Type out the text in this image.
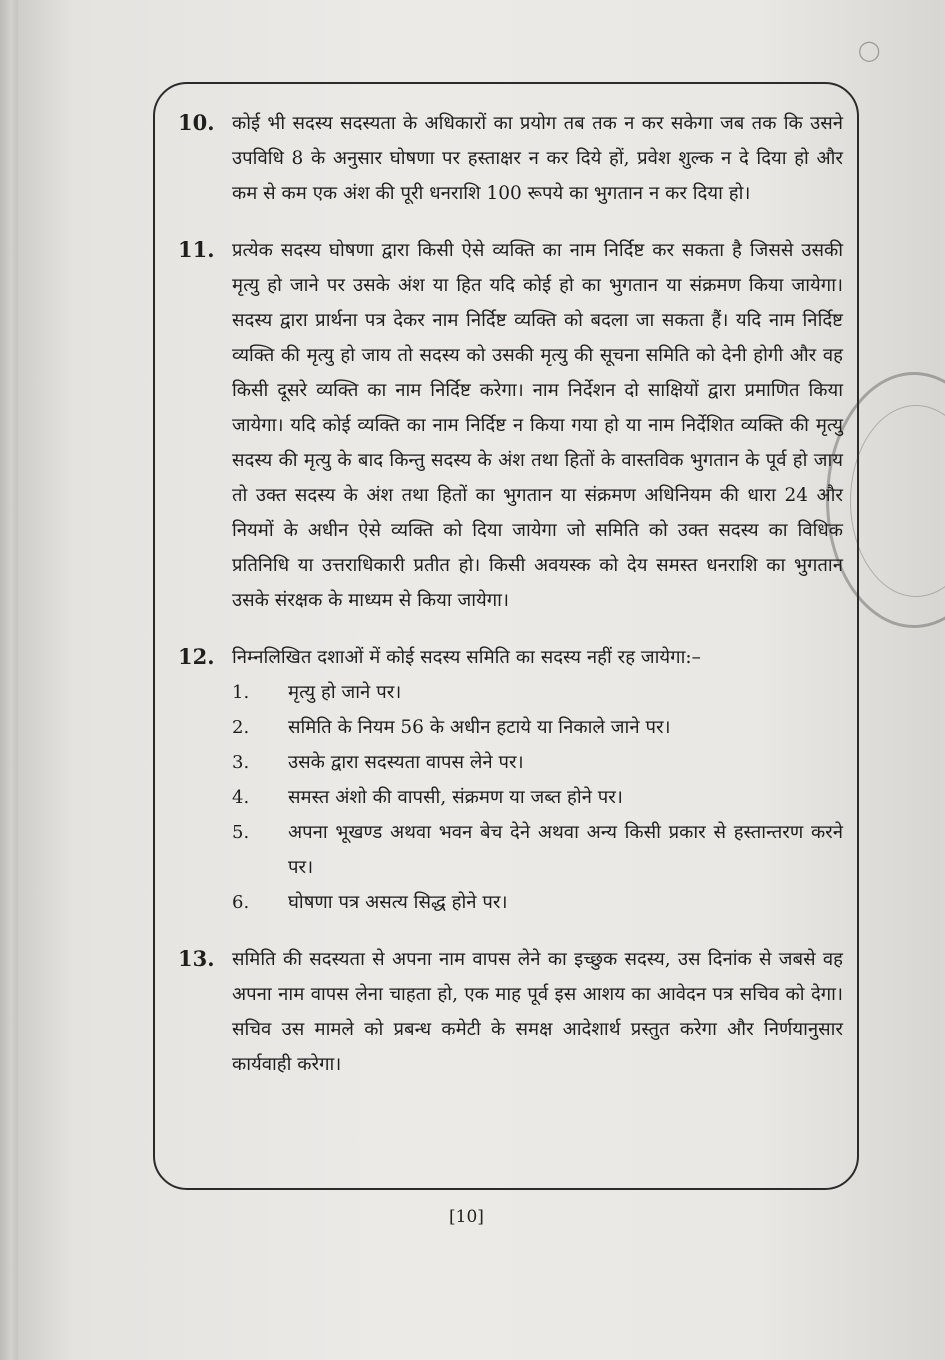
◯
10. कोई भी सदस्य सदस्यता के अधिकारों का प्रयोग तब तक न कर सकेगा जब तक कि उसने उपविधि 8 के अनुसार घोषणा पर हस्ताक्षर न कर दिये हों, प्रवेश शुल्क न दे दिया हो और कम से कम एक अंश की पूरी धनराशि 100 रूपये का भुगतान न कर दिया हो।
11. प्रत्येक सदस्य घोषणा द्वारा किसी ऐसे व्यक्ति का नाम निर्दिष्ट कर सकता है जिससे उसकी मृत्यु हो जाने पर उसके अंश या हित यदि कोई हो का भुगतान या संक्रमण किया जायेगा। सदस्य द्वारा प्रार्थना पत्र देकर नाम निर्दिष्ट व्यक्ति को बदला जा सकता हैं। यदि नाम निर्दिष्ट व्यक्ति की मृत्यु हो जाय तो सदस्य को उसकी मृत्यु की सूचना समिति को देनी होगी और वह किसी दूसरे व्यक्ति का नाम निर्दिष्ट करेगा। नाम निर्देशन दो साक्षियों द्वारा प्रमाणित किया जायेगा। यदि कोई व्यक्ति का नाम निर्दिष्ट न किया गया हो या नाम निर्देशित व्यक्ति की मृत्यु सदस्य की मृत्यु के बाद किन्तु सदस्य के अंश तथा हितों के वास्तविक भुगतान के पूर्व हो जाय तो उक्त सदस्य के अंश तथा हितों का भुगतान या संक्रमण अधिनियम की धारा 24 और नियमों के अधीन ऐसे व्यक्ति को दिया जायेगा जो समिति को उक्त सदस्य का विधिक प्रतिनिधि या उत्तराधिकारी प्रतीत हो। किसी अवयस्क को देय समस्त धनराशि का भुगतान उसके संरक्षक के माध्यम से किया जायेगा।
12. निम्नलिखित दशाओं में कोई सदस्य समिति का सदस्य नहीं रह जायेगा:–
1. मृत्यु हो जाने पर।
2. समिति के नियम 56 के अधीन हटाये या निकाले जाने पर।
3. उसके द्वारा सदस्यता वापस लेने पर।
4. समस्त अंशो की वापसी, संक्रमण या जब्त होने पर।
5. अपना भूखण्ड अथवा भवन बेच देने अथवा अन्य किसी प्रकार से हस्तान्तरण करने पर।
6. घोषणा पत्र असत्य सिद्ध होने पर।
13. समिति की सदस्यता से अपना नाम वापस लेने का इच्छुक सदस्य, उस दिनांक से जबसे वह अपना नाम वापस लेना चाहता हो, एक माह पूर्व इस आशय का आवेदन पत्र सचिव को देगा। सचिव उस मामले को प्रबन्ध कमेटी के समक्ष आदेशार्थ प्रस्तुत करेगा और निर्णयानुसार कार्यवाही करेगा।
[10]
